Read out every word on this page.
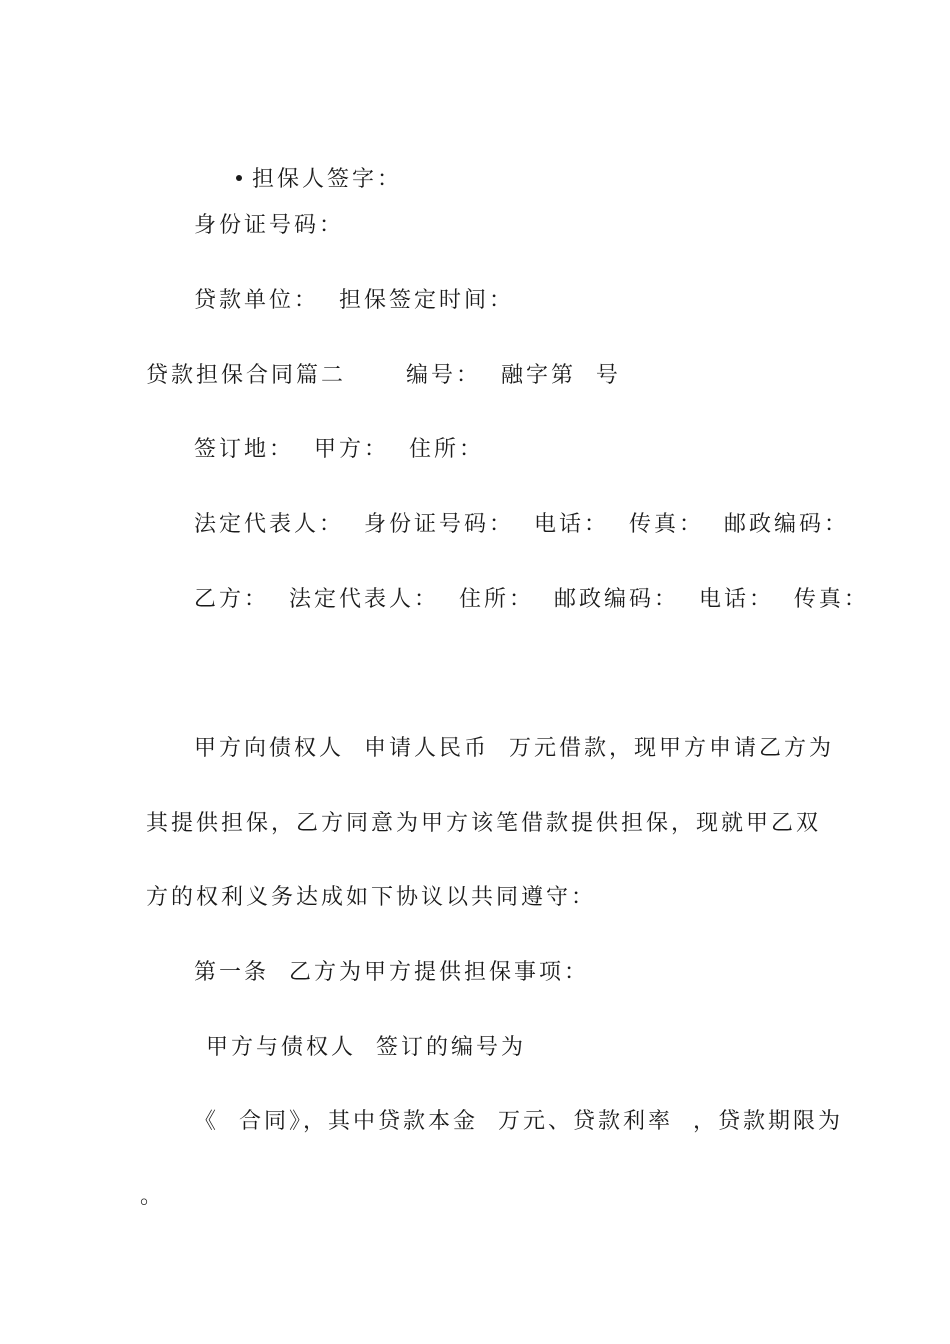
担保人签字：

身份证号码：
贷款单位：  担保签定时间：
贷款担保合同篇二      编号：  融字第  号
签订地：  甲方：  住所：
法定代表人：  身份证号码：  电话：  传真：  邮政编码：
乙方：  法定代表人：  住所：  邮政编码：  电话：  传真：
甲方向债权人  申请人民币  万元借款，现甲方申请乙方为
其提供担保，乙方同意为甲方该笔借款提供担保，现就甲乙双
方的权利义务达成如下协议以共同遵守：
第一条  乙方为甲方提供担保事项：
甲方与债权人  签订的编号为
《  合同》，其中贷款本金  万元、贷款利率  ，贷款期限为
。
